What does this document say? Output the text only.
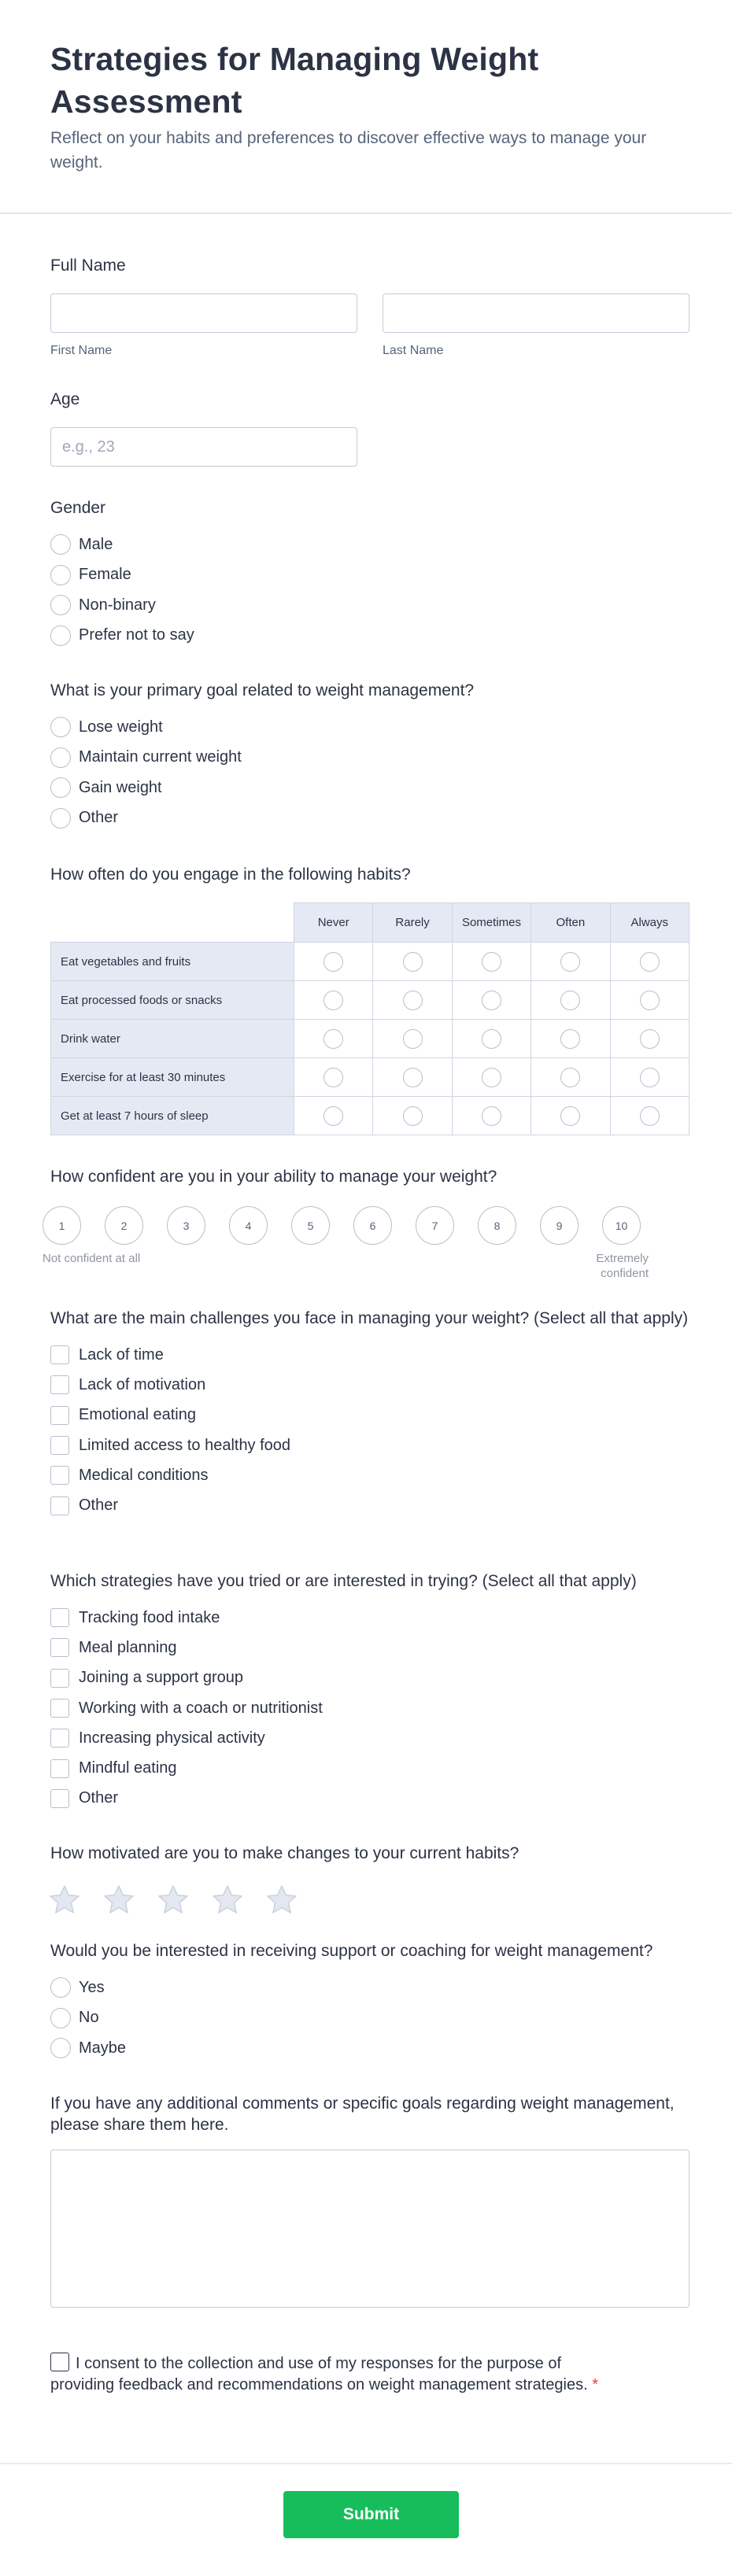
Strategies for Managing Weight Assessment

Reflect on your habits and preferences to discover effective ways to manage your weight.

Full Name
First Name	Last Name
Age
e.g., 23
Gender
Male
Female
Non-binary
Prefer not to say
What is your primary goal related to weight management?
Lose weight
Maintain current weight
Gain weight
Other
How often do you engage in the following habits?
	Never	Rarely	Sometimes	Often	Always
Eat vegetables and fruits					
Eat processed foods or snacks					
Drink water					
Exercise for at least 30 minutes					
Get at least 7 hours of sleep					
How confident are you in your ability to manage your weight?
1	2	3	4	5	6	7	8	9	10
Not confident at all	Extremely confident
What are the main challenges you face in managing your weight? (Select all that apply)
Lack of time
Lack of motivation
Emotional eating
Limited access to healthy food
Medical conditions
Other
Which strategies have you tried or are interested in trying? (Select all that apply)
Tracking food intake
Meal planning
Joining a support group
Working with a coach or nutritionist
Increasing physical activity
Mindful eating
Other
How motivated are you to make changes to your current habits?
Would you be interested in receiving support or coaching for weight management?
Yes
No
Maybe
If you have any additional comments or specific goals regarding weight management, please share them here.
I consent to the collection and use of my responses for the purpose of providing feedback and recommendations on weight management strategies. *
Submit
